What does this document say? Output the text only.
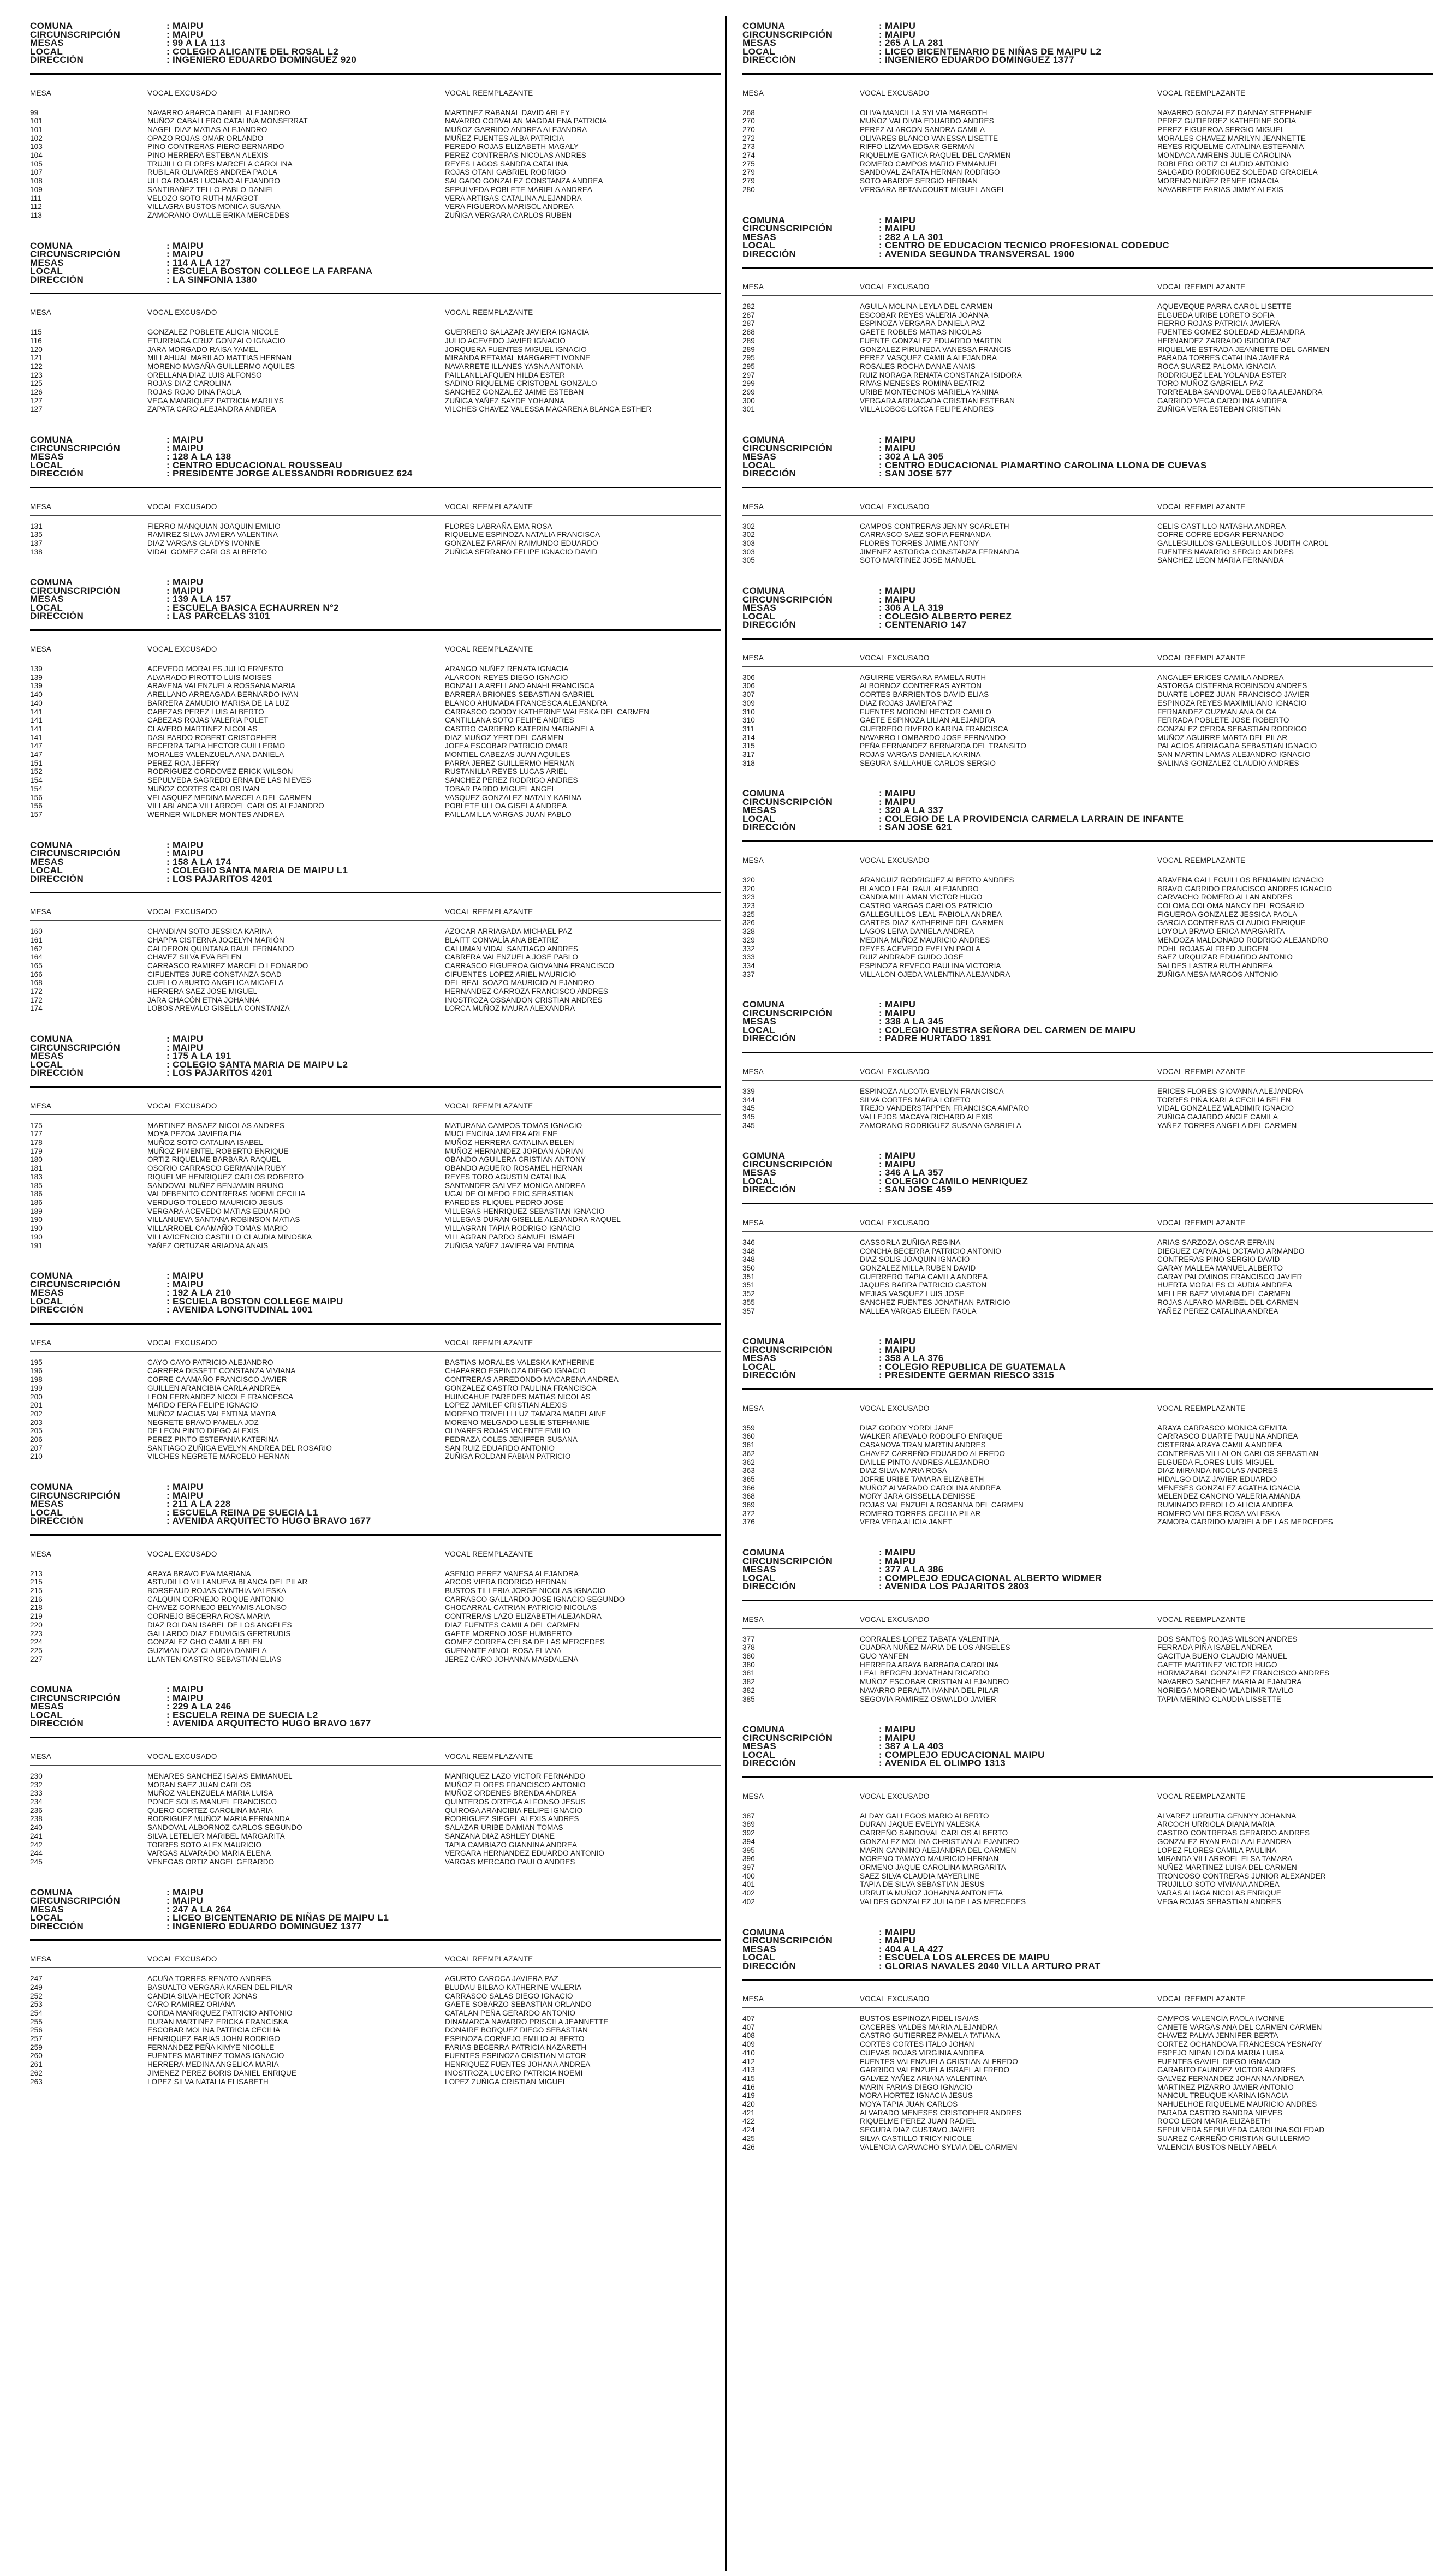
COMUNA	: MAIPU
CIRCUNSCRIPCIÓN	: MAIPU
MESAS	: 99 A LA 113
LOCAL	: COLEGIO ALICANTE DEL ROSAL L2
DIRECCIÓN	: INGENIERO EDUARDO DOMINGUEZ 920
MESA	VOCAL EXCUSADO	VOCAL REEMPLAZANTE
99	NAVARRO ABARCA DANIEL ALEJANDRO	MARTINEZ RABANAL DAVID ARLEY
101	MUÑOZ CABALLERO CATALINA MONSERRAT	NAVARRO CORVALAN MAGDALENA PATRICIA
101	NAGEL DIAZ MATIAS ALEJANDRO	MUÑOZ GARRIDO ANDREA ALEJANDRA
102	OPAZO ROJAS OMAR ORLANDO	MUÑEZ FUENTES ALBA PATRICIA
103	PINO CONTRERAS PIERO BERNARDO	PEREDO ROJAS ELIZABETH MAGALY
104	PINO HERRERA ESTEBAN ALEXIS	PEREZ CONTRERAS NICOLAS ANDRES
105	TRUJILLO FLORES MARCELA CAROLINA	REYES LAGOS SANDRA CATALINA
107	RUBILAR OLIVARES ANDREA PAOLA	ROJAS OTANI GABRIEL RODRIGO
108	ULLOA ROJAS LUCIANO ALEJANDRO	SALGADO GONZALEZ CONSTANZA ANDREA
109	SANTIBAÑEZ TELLO PABLO DANIEL	SEPULVEDA POBLETE MARIELA ANDREA
111	VELOZO SOTO RUTH MARGOT	VERA ARTIGAS CATALINA ALEJANDRA
112	VILLAGRA BUSTOS MONICA SUSANA	VERA FIGUEROA MARISOL ANDREA
113	ZAMORANO OVALLE ERIKA MERCEDES	ZUÑIGA VERGARA CARLOS RUBEN
COMUNA	: MAIPU
CIRCUNSCRIPCIÓN	: MAIPU
MESAS	: 114 A LA 127
LOCAL	: ESCUELA BOSTON COLLEGE LA FARFANA
DIRECCIÓN	: LA SINFONIA 1380
MESA	VOCAL EXCUSADO	VOCAL REEMPLAZANTE
115	GONZALEZ POBLETE ALICIA NICOLE	GUERRERO SALAZAR JAVIERA IGNACIA
116	ETURRIAGA CRUZ GONZALO IGNACIO	JULIO ACEVEDO JAVIER IGNACIO
120	JARA MORGADO RAISA YAMEL	JORQUERA FUENTES MIGUEL IGNACIO
121	MILLAHUAL MARILAO MATTIAS HERNAN	MIRANDA RETAMAL MARGARET IVONNE
122	MORENO MAGAÑA GUILLERMO AQUILES	NAVARRETE ILLANES YASNA ANTONIA
123	ORELLANA DIAZ LUIS ALFONSO	PAILLANLLAFQUEN HILDA ESTER
125	ROJAS DIAZ CAROLINA	SADINO RIQUELME CRISTOBAL GONZALO
126	ROJAS ROJO DINA PAOLA	SANCHEZ GONZALEZ JAIME ESTEBAN
127	VEGA MANRIQUEZ PATRICIA MARILYS	ZUÑIGA YAÑEZ SAYDE YOHANNA
127	ZAPATA CARO ALEJANDRA ANDREA	VILCHES CHAVEZ VALESSA MACARENA BLANCA ESTHER
COMUNA	: MAIPU
CIRCUNSCRIPCIÓN	: MAIPU
MESAS	: 128 A LA 138
LOCAL	: CENTRO EDUCACIONAL ROUSSEAU
DIRECCIÓN	: PRESIDENTE JORGE ALESSANDRI RODRIGUEZ 624
MESA	VOCAL EXCUSADO	VOCAL REEMPLAZANTE
131	FIERRO MANQUIAN JOAQUIN EMILIO	FLORES LABRAÑA EMA ROSA
135	RAMIREZ SILVA JAVIERA VALENTINA	RIQUELME ESPINOZA NATALIA FRANCISCA
137	DIAZ VARGAS GLADYS IVONNE	GONZALEZ FARFAN RAIMUNDO EDUARDO
138	VIDAL GOMEZ CARLOS ALBERTO	ZUÑIGA SERRANO FELIPE IGNACIO DAVID
COMUNA	: MAIPU
CIRCUNSCRIPCIÓN	: MAIPU
MESAS	: 139 A LA 157
LOCAL	: ESCUELA BASICA ECHAURREN N°2
DIRECCIÓN	: LAS PARCELAS 3101
MESA	VOCAL EXCUSADO	VOCAL REEMPLAZANTE
139	ACEVEDO MORALES JULIO ERNESTO	ARANGO NUÑEZ RENATA IGNACIA
139	ALVARADO PIROTTO LUIS MOISES	ALARCON REYES DIEGO IGNACIO
139	ARAVENA VALENZUELA ROSSANA MARIA	BONZALLA ARELLANO ANAHI FRANCISCA
140	ARELLANO ARREAGADA BERNARDO IVAN	BARRERA BRIONES SEBASTIAN GABRIEL
140	BARRERA ZAMUDIO MARISA DE LA LUZ	BLANCO AHUMADA FRANCESCA ALEJANDRA
141	CABEZAS PEREZ LUIS ALBERTO	CARRASCO GODOY KATHERINE WALESKA DEL CARMEN
141	CABEZAS ROJAS VALERIA POLET	CANTILLANA SOTO FELIPE ANDRES
141	CLAVERO MARTINEZ NICOLAS	CASTRO CARREÑO KATERIN MARIANELA
141	DASI PARDO ROBERT CRISTOPHER	DIAZ MUÑOZ YERT DEL CARMEN
147	BECERRA TAPIA HECTOR GUILLERMO	JOFEA ESCOBAR PATRICIO OMAR
147	MORALES VALENZUELA ANA DANIELA	MONTIEL CABEZAS JUAN AQUILES
151	PEREZ ROA JEFFRY	PARRA JEREZ GUILLERMO HERNAN
152	RODRIGUEZ CORDOVEZ ERICK WILSON	RUSTANILLA REYES LUCAS ARIEL
154	SEPULVEDA SAGREDO ERNA DE LAS NIEVES	SANCHEZ PEREZ RODRIGO ANDRES
154	MUÑOZ CORTES CARLOS IVAN	TOBAR PARDO MIGUEL ANGEL
156	VELASQUEZ MEDINA MARCELA DEL CARMEN	VASQUEZ GONZALEZ NATALY KARINA
156	VILLABLANCA VILLARROEL CARLOS ALEJANDRO	POBLETE ULLOA GISELA ANDREA
157	WERNER-WILDNER MONTES ANDREA	PAILLAMILLA VARGAS JUAN PABLO
COMUNA	: MAIPU
CIRCUNSCRIPCIÓN	: MAIPU
MESAS	: 158 A LA 174
LOCAL	: COLEGIO SANTA MARIA DE MAIPU L1
DIRECCIÓN	: LOS PAJARITOS 4201
MESA	VOCAL EXCUSADO	VOCAL REEMPLAZANTE
160	CHANDIAN SOTO JESSICA KARINA	AZOCAR ARRIAGADA MICHAEL PAZ
161	CHAPPA CISTERNA JOCELYN MARIÓN	BLAITT CONVALÍA ANA BEATRIZ
162	CALDERON QUINTANA RAUL FERNANDO	CALUMAN VIDAL SANTIAGO ANDRES
164	CHAVEZ SILVA EVA BELEN	CABRERA VALENZUELA JOSE PABLO
165	CARRASCO RAMIREZ MARCELO LEONARDO	CARRASCO FIGUEROA GIOVANNA FRANCISCO
166	CIFUENTES JURE CONSTANZA SOAD	CIFUENTES LOPEZ ARIEL MAURICIO
168	CUELLO ABURTO ANGELICA MICAELA	DEL REAL SOAZO MAURICIO ALEJANDRO
172	HERRERA SAEZ JOSE MIGUEL	HERNANDEZ CARROZA FRANCISCO ANDRES
172	JARA CHACÓN ETNA JOHANNA	INOSTROZA OSSANDON CRISTIAN ANDRES
174	LOBOS AREVALO GISELLA CONSTANZA	LORCA MUÑOZ MAURA ALEXANDRA
COMUNA	: MAIPU
CIRCUNSCRIPCIÓN	: MAIPU
MESAS	: 175 A LA 191
LOCAL	: COLEGIO SANTA MARIA DE MAIPU L2
DIRECCIÓN	: LOS PAJARITOS 4201
MESA	VOCAL EXCUSADO	VOCAL REEMPLAZANTE
175	MARTINEZ BASAEZ NICOLAS ANDRES	MATURANA CAMPOS TOMAS IGNACIO
177	MOYA PEZOA JAVIERA PIA	MUCI ENCINA JAVIERA ARLENE
178	MUÑOZ SOTO CATALINA ISABEL	MUÑOZ HERRERA CATALINA BELEN
179	MUÑOZ PIMENTEL ROBERTO ENRIQUE	MUÑOZ HERNANDEZ JORDAN ADRIAN
180	ORTIZ RIQUELME BARBARA RAQUEL	OBANDO AGUILERA CRISTIAN ANTONY
181	OSORIO CARRASCO GERMANIA RUBY	OBANDO AGUERO ROSAMEL HERNAN
183	RIQUELME HENRIQUEZ CARLOS ROBERTO	REYES TORO AGUSTIN CATALINA
185	SANDOVAL NUÑEZ BENJAMIN BRUNO	SANTANDER GALVEZ MONICA ANDREA
186	VALDEBENITO CONTRERAS NOEMI CECILIA	UGALDE OLMEDO ERIC SEBASTIAN
186	VERDUGO TOLEDO MAURICIO JESUS	PAREDES PLIQUEL PEDRO JOSE
189	VERGARA ACEVEDO MATIAS EDUARDO	VILLEGAS HENRIQUEZ SEBASTIAN IGNACIO
190	VILLANUEVA SANTANA ROBINSON MATIAS	VILLEGAS DURAN GISELLE ALEJANDRA RAQUEL
190	VILLARROEL CAAMAÑO TOMAS MARIO	VILLAGRAN TAPIA RODRIGO IGNACIO
190	VILLAVICENCIO CASTILLO CLAUDIA MINOSKA	VILLAGRAN PARDO SAMUEL ISMAEL
191	YAÑEZ ORTUZAR ARIADNA ANAIS	ZUÑIGA YAÑEZ JAVIERA VALENTINA
COMUNA	: MAIPU
CIRCUNSCRIPCIÓN	: MAIPU
MESAS	: 192 A LA 210
LOCAL	: ESCUELA BOSTON COLLEGE MAIPU
DIRECCIÓN	: AVENIDA LONGITUDINAL 1001
MESA	VOCAL EXCUSADO	VOCAL REEMPLAZANTE
195	CAYO CAYO PATRICIO ALEJANDRO	BASTIAS MORALES VALESKA KATHERINE
196	CARRERA DISSETT CONSTANZA VIVIANA	CHAPARRO ESPINOZA DIEGO IGNACIO
198	COFRE CAAMAÑO FRANCISCO JAVIER	CONTRERAS ARREDONDO MACARENA ANDREA
199	GUILLEN ARANCIBIA CARLA ANDREA	GONZALEZ CASTRO PAULINA FRANCISCA
200	LEON FERNANDEZ NICOLE FRANCESCA	HUINCAHUE PAREDES MATIAS NICOLAS
201	MARDO FERA FELIPE IGNACIO	LOPEZ JAMILEF CRISTIAN ALEXIS
202	MUÑOZ MACIAS VALENTINA MAYRA	MORENO TRIVELLI LUZ TAMARA MADELAINE
203	NEGRETE BRAVO PAMELA JOZ	MORENO MELGADO LESLIE STEPHANIE
205	DE LEON PINTO DIEGO ALEXIS	OLIVARES ROJAS VICENTE EMILIO
206	PEREZ PINTO ESTEFANIA KATERINA	PEDRAZA COLES JENIFFER SUSANA
207	SANTIAGO ZUÑIGA EVELYN ANDREA DEL ROSARIO	SAN RUIZ EDUARDO ANTONIO
210	VILCHES NEGRETE MARCELO HERNAN	ZUÑIGA ROLDAN FABIAN PATRICIO
COMUNA	: MAIPU
CIRCUNSCRIPCIÓN	: MAIPU
MESAS	: 211 A LA 228
LOCAL	: ESCUELA REINA DE SUECIA L1
DIRECCIÓN	: AVENIDA ARQUITECTO HUGO BRAVO 1677
MESA	VOCAL EXCUSADO	VOCAL REEMPLAZANTE
213	ARAYA BRAVO EVA MARIANA	ASENJO PEREZ VANESA ALEJANDRA
215	ASTUDILLO VILLANUEVA BLANCA DEL PILAR	ARCOS VIERA RODRIGO HERNAN
215	BORSEAUD ROJAS CYNTHIA VALESKA	BUSTOS TILLERIA JORGE NICOLAS IGNACIO
216	CALQUIN CORNEJO ROQUE ANTONIO	CARRASCO GALLARDO JOSE IGNACIO SEGUNDO
218	CHAVEZ CORNEJO BELYAMIS ALONSO	CHOCARRAL CATRIAN PATRICIO NICOLAS
219	CORNEJO BECERRA ROSA MARIA	CONTRERAS LAZO ELIZABETH ALEJANDRA
220	DIAZ ROLDAN ISABEL DE LOS ANGELES	DIAZ FUENTES CAMILA DEL CARMEN
223	GALLARDO DIAZ EDUVIGIS GERTRUDIS	GAETE MORENO JOSE HUMBERTO
224	GONZALEZ GHO CAMILA BELEN	GOMEZ CORREA CELSA DE LAS MERCEDES
225	GUZMAN DIAZ CLAUDIA DANIELA	GUENANTE AINOL ROSA ELIANA
227	LLANTEN CASTRO SEBASTIAN ELIAS	JEREZ CARO JOHANNA MAGDALENA
COMUNA	: MAIPU
CIRCUNSCRIPCIÓN	: MAIPU
MESAS	: 229 A LA 246
LOCAL	: ESCUELA REINA DE SUECIA L2
DIRECCIÓN	: AVENIDA ARQUITECTO HUGO BRAVO 1677
MESA	VOCAL EXCUSADO	VOCAL REEMPLAZANTE
230	MENARES SANCHEZ ISAIAS EMMANUEL	MANRIQUEZ LAZO VICTOR FERNANDO
232	MORAN SAEZ JUAN CARLOS	MUÑOZ FLORES FRANCISCO ANTONIO
233	MUÑOZ VALENZUELA MARIA LUISA	MUÑOZ ORDENES BRENDA ANDREA
234	PONCE SOLIS MANUEL FRANCISCO	QUINTEROS ORTEGA ALFONSO JESUS
236	QUERO CORTEZ CAROLINA MARIA	QUIROGA ARANCIBIA FELIPE IGNACIO
238	RODRIGUEZ MUÑOZ MARIA FERNANDA	RODRIGUEZ SIEGEL ALEXIS ANDRES
240	SANDOVAL ALBORNOZ CARLOS SEGUNDO	SALAZAR URIBE DAMIAN TOMAS
241	SILVA LETELIER MARIBEL MARGARITA	SANZANA DIAZ ASHLEY DIANE
242	TORRES SOTO ALEX MAURICIO	TAPIA CAMBIAZO GIANNINA ANDREA
244	VARGAS ALVARADO MARIA ELENA	VERGARA HERNANDEZ EDUARDO ANTONIO
245	VENEGAS ORTIZ ANGEL GERARDO	VARGAS MERCADO PAULO ANDRES
COMUNA	: MAIPU
CIRCUNSCRIPCIÓN	: MAIPU
MESAS	: 247 A LA 264
LOCAL	: LICEO BICENTENARIO DE NIÑAS DE MAIPU L1
DIRECCIÓN	: INGENIERO EDUARDO DOMINGUEZ 1377
MESA	VOCAL EXCUSADO	VOCAL REEMPLAZANTE
247	ACUÑA TORRES RENATO ANDRES	AGURTO CAROCA JAVIERA PAZ
249	BASUALTO VERGARA KAREN DEL PILAR	BLUDAU BILBAO KATHERINE VALERIA
252	CANDIA SILVA HECTOR JONAS	CARRASCO SALAS DIEGO IGNACIO
253	CARO RAMIREZ ORIANA	GAETE SOBARZO SEBASTIAN ORLANDO
254	CORDA MANRIQUEZ PATRICIO ANTONIO	CATALAN PEÑA GERARDO ANTONIO
255	DURAN MARTINEZ ERICKA FRANCISKA	DINAMARCA NAVARRO PRISCILA JEANNETTE
256	ESCOBAR MOLINA PATRICIA CECILIA	DONAIRE BORQUEZ DIEGO SEBASTIAN
257	HENRIQUEZ FARIAS JOHN RODRIGO	ESPINOZA CORNEJO EMILIO ALBERTO
259	FERNANDEZ PEÑA KIMYE NICOLLE	FARIAS BECERRA PATRICIA NAZARETH
260	FUENTES MARTINEZ TOMAS IGNACIO	FUENTES ESPINOZA CRISTIAN VICTOR
261	HERRERA MEDINA ANGELICA MARIA	HENRIQUEZ FUENTES JOHANA ANDREA
262	JIMENEZ PEREZ BORIS DANIEL ENRIQUE	INOSTROZA LUCERO PATRICIA NOEMI
263	LOPEZ SILVA NATALIA ELISABETH	LOPEZ ZUÑIGA CRISTIAN MIGUEL
COMUNA	: MAIPU
CIRCUNSCRIPCIÓN	: MAIPU
MESAS	: 265 A LA 281
LOCAL	: LICEO BICENTENARIO DE NIÑAS DE MAIPU L2
DIRECCIÓN	: INGENIERO EDUARDO DOMINGUEZ 1377
MESA	VOCAL EXCUSADO	VOCAL REEMPLAZANTE
268	OLIVA MANCILLA SYLVIA MARGOTH	NAVARRO GONZALEZ DANNAY STEPHANIE
270	MUÑOZ VALDIVIA EDUARDO ANDRES	PEREZ GUTIERREZ KATHERINE SOFIA
270	PEREZ ALARCON SANDRA CAMILA	PEREZ FIGUEROA SERGIO MIGUEL
272	OLIVARES BLANCO VANESSA LISETTE	MORALES CHAVEZ MARILYN JEANNETTE
273	RIFFO LIZAMA EDGAR GERMAN	REYES RIQUELME CATALINA ESTEFANIA
274	RIQUELME GATICA RAQUEL DEL CARMEN	MONDACA AMRENS JULIE CAROLINA
275	ROMERO CAMPOS MARIO EMMANUEL	ROBLERO ORTIZ CLAUDIO ANTONIO
279	SANDOVAL ZAPATA HERNAN RODRIGO	SALGADO RODRIGUEZ SOLEDAD GRACIELA
279	SOTO ABARDE SERGIO HERNAN	MORENO NUÑEZ RENEE IGNACIA
280	VERGARA BETANCOURT MIGUEL ANGEL	NAVARRETE FARIAS JIMMY ALEXIS
COMUNA	: MAIPU
CIRCUNSCRIPCIÓN	: MAIPU
MESAS	: 282 A LA 301
LOCAL	: CENTRO DE EDUCACION TECNICO PROFESIONAL CODEDUC
DIRECCIÓN	: AVENIDA SEGUNDA TRANSVERSAL 1900
MESA	VOCAL EXCUSADO	VOCAL REEMPLAZANTE
282	AGUILA MOLINA LEYLA DEL CARMEN	AQUEVEQUE PARRA CAROL LISETTE
287	ESCOBAR REYES VALERIA JOANNA	ELGUEDA URIBE LORETO SOFIA
287	ESPINOZA VERGARA DANIELA PAZ	FIERRO ROJAS PATRICIA JAVIERA
288	GAETE ROBLES MATIAS NICOLAS	FUENTES GOMEZ SOLEDAD ALEJANDRA
289	FUENTE GONZALEZ EDUARDO MARTIN	HERNANDEZ ZARRADO ISIDORA PAZ
289	GONZALEZ PIRUNEDA VANESSA FRANCIS	RIQUELME ESTRADA JEANNETTE DEL CARMEN
295	PEREZ VASQUEZ CAMILA ALEJANDRA	PARADA TORRES CATALINA JAVIERA
295	ROSALES ROCHA DANAE ANAIS	ROCA SUAREZ PALOMA IGNACIA
297	RUIZ NORAGA RENATA CONSTANZA ISIDORA	RODRIGUEZ LEAL YOLANDA ESTER
299	RIVAS MENESES ROMINA BEATRIZ	TORO MUÑOZ GABRIELA PAZ
299	URIBE MONTECINOS MARIELA YANINA	TORREALBA SANDOVAL DEBORA ALEJANDRA
300	VERGARA ARRIAGADA CRISTIAN ESTEBAN	GARRIDO VEGA CAROLINA ANDREA
301	VILLALOBOS LORCA FELIPE ANDRES	ZUÑIGA VERA ESTEBAN CRISTIAN
COMUNA	: MAIPU
CIRCUNSCRIPCIÓN	: MAIPU
MESAS	: 302 A LA 305
LOCAL	: CENTRO EDUCACIONAL PIAMARTINO CAROLINA LLONA DE CUEVAS
DIRECCIÓN	: SAN JOSE 577
MESA	VOCAL EXCUSADO	VOCAL REEMPLAZANTE
302	CAMPOS CONTRERAS JENNY SCARLETH	CELIS CASTILLO NATASHA ANDREA
302	CARRASCO SAEZ SOFIA FERNANDA	COFRE COFRE EDGAR FERNANDO
303	FLORES TORRES JAIME ANTONY	GALLEGUILLOS GALLEGUILLOS JUDITH CAROL
303	JIMENEZ ASTORGA CONSTANZA FERNANDA	FUENTES NAVARRO SERGIO ANDRES
305	SOTO MARTINEZ JOSE MANUEL	SANCHEZ LEON MARIA FERNANDA
COMUNA	: MAIPU
CIRCUNSCRIPCIÓN	: MAIPU
MESAS	: 306 A LA 319
LOCAL	: COLEGIO ALBERTO PEREZ
DIRECCIÓN	: CENTENARIO 147
MESA	VOCAL EXCUSADO	VOCAL REEMPLAZANTE
306	AGUIRRE VERGARA PAMELA RUTH	ANCALEF ERICES CAMILA ANDREA
306	ALBORNOZ CONTRERAS AYRTON	ASTORGA CISTERNA ROBINSON ANDRES
307	CORTES BARRIENTOS DAVID ELIAS	DUARTE LOPEZ JUAN FRANCISCO JAVIER
309	DIAZ ROJAS JAVIERA PAZ	ESPINOZA REYES MAXIMILIANO IGNACIO
310	FUENTES MORONI HECTOR CAMILO	FERNANDEZ GUZMAN ANA OLGA
310	GAETE ESPINOZA LILIAN ALEJANDRA	FERRADA POBLETE JOSE ROBERTO
311	GUERRERO RIVERO KARINA FRANCISCA	GONZALEZ CERDA SEBASTIAN RODRIGO
314	NAVARRO LOMBARDO JOSE FERNANDO	MUÑOZ AGUIRRE MARTA DEL PILAR
315	PEÑA FERNANDEZ BERNARDA DEL TRANSITO	PALACIOS ARRIAGADA SEBASTIAN IGNACIO
317	ROJAS VARGAS DANIELA KARINA	SAN MARTIN LAMAS ALEJANDRO IGNACIO
318	SEGURA SALLAHUE CARLOS SERGIO	SALINAS GONZALEZ CLAUDIO ANDRES
COMUNA	: MAIPU
CIRCUNSCRIPCIÓN	: MAIPU
MESAS	: 320 A LA 337
LOCAL	: COLEGIO DE LA PROVIDENCIA CARMELA LARRAIN DE INFANTE
DIRECCIÓN	: SAN JOSE 621
MESA	VOCAL EXCUSADO	VOCAL REEMPLAZANTE
320	ARANGUIZ RODRIGUEZ ALBERTO ANDRES	ARAVENA GALLEGUILLOS BENJAMIN IGNACIO
320	BLANCO LEAL RAUL ALEJANDRO	BRAVO GARRIDO FRANCISCO ANDRES IGNACIO
323	CANDIA MILLAMAN VICTOR HUGO	CARVACHO ROMERO ALLAN ANDRES
323	CASTRO VARGAS CARLOS PATRICIO	COLOMA COLOMA NANCY DEL ROSARIO
325	GALLEGUILLOS LEAL FABIOLA ANDREA	FIGUEROA GONZALEZ JESSICA PAOLA
326	CARTES DIAZ KATHERINE DEL CARMEN	GARCIA CONTRERAS CLAUDIO ENRIQUE
328	LAGOS LEIVA DANIELA ANDREA	LOYOLA BRAVO ERICA MARGARITA
329	MEDINA MUÑOZ MAURICIO ANDRES	MENDOZA MALDONADO RODRIGO ALEJANDRO
332	REYES ACEVEDO EVELYN PAOLA	POHL ROJAS ALFRED JURGEN
333	RUIZ ANDRADE GUIDO JOSE	SAEZ URQUIZAR EDUARDO ANTONIO
334	ESPINOZA REVECO PAULINA VICTORIA	SALDES LASTRA RUTH ANDREA
337	VILLALON OJEDA VALENTINA ALEJANDRA	ZUÑIGA MESA MARCOS ANTONIO
COMUNA	: MAIPU
CIRCUNSCRIPCIÓN	: MAIPU
MESAS	: 338 A LA 345
LOCAL	: COLEGIO NUESTRA SEÑORA DEL CARMEN DE MAIPU
DIRECCIÓN	: PADRE HURTADO 1891
MESA	VOCAL EXCUSADO	VOCAL REEMPLAZANTE
339	ESPINOZA ALCOTA EVELYN FRANCISCA	ERICES FLORES GIOVANNA ALEJANDRA
344	SILVA CORTES MARIA LORETO	TORRES PIÑA KARLA CECILIA BELEN
345	TREJO VANDERSTAPPEN FRANCISCA AMPARO	VIDAL GONZALEZ WLADIMIR IGNACIO
345	VALLEJOS MACAYA RICHARD ALEXIS	ZUÑIGA GAJARDO ANGIE CAMILA
345	ZAMORANO RODRIGUEZ SUSANA GABRIELA	YAÑEZ TORRES ANGELA DEL CARMEN
COMUNA	: MAIPU
CIRCUNSCRIPCIÓN	: MAIPU
MESAS	: 346 A LA 357
LOCAL	: COLEGIO CAMILO HENRIQUEZ
DIRECCIÓN	: SAN JOSE 459
MESA	VOCAL EXCUSADO	VOCAL REEMPLAZANTE
346	CASSORLA ZUÑIGA REGINA	ARIAS SARZOZA OSCAR EFRAIN
348	CONCHA BECERRA PATRICIO ANTONIO	DIEGUEZ CARVAJAL OCTAVIO ARMANDO
348	DIAZ SOLIS JOAQUIN IGNACIO	CONTRERAS PINO SERGIO DAVID
350	GONZALEZ MILLA RUBEN DAVID	GARAY MALLEA MANUEL ALBERTO
351	GUERRERO TAPIA CAMILA ANDREA	GARAY PALOMINOS FRANCISCO JAVIER
351	JAQUES BARRA PATRICIO GASTON	HUERTA MORALES CLAUDIA ANDREA
352	MEJIAS VASQUEZ LUIS JOSE	MELLER BAEZ VIVIANA DEL CARMEN
355	SANCHEZ FUENTES JONATHAN PATRICIO	ROJAS ALFARO MARIBEL DEL CARMEN
357	MALLEA VARGAS EILEEN PAOLA	YAÑEZ PEREZ CATALINA ANDREA
COMUNA	: MAIPU
CIRCUNSCRIPCIÓN	: MAIPU
MESAS	: 358 A LA 376
LOCAL	: COLEGIO REPUBLICA DE GUATEMALA
DIRECCIÓN	: PRESIDENTE GERMAN RIESCO 3315
MESA	VOCAL EXCUSADO	VOCAL REEMPLAZANTE
359	DIAZ GODOY YORDI JANE	ARAYA CARRASCO MONICA GEMITA
360	WALKER AREVALO RODOLFO ENRIQUE	CARRASCO DUARTE PAULINA ANDREA
361	CASANOVA TRAN MARTIN ANDRES	CISTERNA ARAYA CAMILA ANDREA
362	CHAVEZ CARREÑO EDUARDO ALFREDO	CONTRERAS VILLALON CARLOS SEBASTIAN
362	DAILLE PINTO ANDRES ALEJANDRO	ELGUEDA FLORES LUIS MIGUEL
363	DIAZ SILVA MARIA ROSA	DIAZ MIRANDA NICOLAS ANDRES
365	JOFRE URIBE TAMARA ELIZABETH	HIDALGO DIAZ JAVIER EDUARDO
366	MUÑOZ ALVARADO CAROLINA ANDREA	MENESES GONZALEZ AGATHA IGNACIA
368	MORY JARA GISSELLA DENISSE	MELENDEZ CANCINO VALERIA AMANDA
369	ROJAS VALENZUELA ROSANNA DEL CARMEN	RUMINADO REBOLLO ALICIA ANDREA
372	ROMERO TORRES CECILIA PILAR	ROMERO VALDES ROSA VALESKA
376	VERA VERA ALICIA JANET	ZAMORA GARRIDO MARIELA DE LAS MERCEDES
COMUNA	: MAIPU
CIRCUNSCRIPCIÓN	: MAIPU
MESAS	: 377 A LA 386
LOCAL	: COMPLEJO EDUCACIONAL ALBERTO WIDMER
DIRECCIÓN	: AVENIDA LOS PAJARITOS 2803
MESA	VOCAL EXCUSADO	VOCAL REEMPLAZANTE
377	CORRALES LOPEZ TABATA VALENTINA	DOS SANTOS ROJAS WILSON ANDRES
378	CUADRA NUÑEZ MARIA DE LOS ANGELES	FERRADA PIÑA ISABEL ANDREA
380	GUO YANFEN	GACITUA BUENO CLAUDIO MANUEL
380	HERRERA ARAYA BARBARA CAROLINA	GAETE MARTINEZ VICTOR HUGO
381	LEAL BERGEN JONATHAN RICARDO	HORMAZABAL GONZALEZ FRANCISCO ANDRES
382	MUÑOZ ESCOBAR CRISTIAN ALEJANDRO	NAVARRO SANCHEZ MARIA ALEJANDRA
382	NAVARRO PERALTA IVANNA DEL PILAR	NORIEGA MORENO WLADIMIR TAVILO
385	SEGOVIA RAMIREZ OSWALDO JAVIER	TAPIA MERINO CLAUDIA LISSETTE
COMUNA	: MAIPU
CIRCUNSCRIPCIÓN	: MAIPU
MESAS	: 387 A LA 403
LOCAL	: COMPLEJO EDUCACIONAL MAIPU
DIRECCIÓN	: AVENIDA EL OLIMPO 1313
MESA	VOCAL EXCUSADO	VOCAL REEMPLAZANTE
387	ALDAY GALLEGOS MARIO ALBERTO	ALVAREZ URRUTIA GENNYY JOHANNA
389	DURAN JAQUE EVELYN VALESKA	ARCOCH URRIOLA DIANA MARIA
392	CARREÑO SANDOVAL CARLOS ALBERTO	CASTRO CONTRERAS GERARDO ANDRES
394	GONZALEZ MOLINA CHRISTIAN ALEJANDRO	GONZALEZ RYAN PAOLA ALEJANDRA
395	MARIN CANNINO ALEJANDRA DEL CARMEN	LOPEZ FLORES CAMILA PAULINA
396	MORENO TAMAYO MAURICIO HERNAN	MIRANDA VILLARROEL ELSA TAMARA
397	ORMENO JAQUE CAROLINA MARGARITA	NUÑEZ MARTINEZ LUISA DEL CARMEN
400	SAEZ SILVA CLAUDIA MAYERLINE	TRONCOSO CONTRERAS JUNIOR ALEXANDER
401	TAPIA DE SILVA SEBASTIAN JESUS	TRUJILLO SOTO VIVIANA ANDREA
402	URRUTIA MUÑOZ JOHANNA ANTONIETA	VARAS ALIAGA NICOLAS ENRIQUE
402	VALDES GONZALEZ JULIA DE LAS MERCEDES	VEGA ROJAS SEBASTIAN ANDRES
COMUNA	: MAIPU
CIRCUNSCRIPCIÓN	: MAIPU
MESAS	: 404 A LA 427
LOCAL	: ESCUELA LOS ALERCES DE MAIPU
DIRECCIÓN	: GLORIAS NAVALES 2040 VILLA ARTURO PRAT
MESA	VOCAL EXCUSADO	VOCAL REEMPLAZANTE
407	BUSTOS ESPINOZA FIDEL ISAIAS	CAMPOS VALENCIA PAOLA IVONNE
407	CACERES VALDES MARIA ALEJANDRA	CANETE VARGAS ANA DEL CARMEN CARMEN
408	CASTRO GUTIERREZ PAMELA TATIANA	CHAVEZ PALMA JENNIFER BERTA
409	CORTES CORTES ITALO JOHAN	CORTEZ OCHANDOVA FRANCESCA YESNARY
410	CUEVAS ROJAS VIRGINIA ANDREA	ESPEJO NIPAN LOIDA MARIA LUISA
412	FUENTES VALENZUELA CRISTIAN ALFREDO	FUENTES GAVIEL DIEGO IGNACIO
413	GARRIDO VALENZUELA ISRAEL ALFREDO	GARABITO FAUNDEZ VICTOR ANDRES
415	GALVEZ YAÑEZ ARIANA VALENTINA	GALVEZ FERNANDEZ JOHANNA ANDREA
416	MARIN FARIAS DIEGO IGNACIO	MARTINEZ PIZARRO JAVIER ANTONIO
419	MORA HORTEZ IGNACIA JESUS	NANCUL TREUQUE KARINA IGNACIA
420	MOYA TAPIA JUAN CARLOS	NAHUELHOE RIQUELME MAURICIO ANDRES
421	ALVARADO MENESES CRISTOPHER ANDRES	PARADA CASTRO SANDRA NIEVES
422	RIQUELME PEREZ JUAN RADIEL	ROCO LEON MARIA ELIZABETH
424	SEGURA DIAZ GUSTAVO JAVIER	SEPULVEDA SEPULVEDA CAROLINA SOLEDAD
425	SILVA CASTILLO TRICY NICOLE	SUAREZ CARREÑO CRISTIAN GUILLERMO
426	VALENCIA CARVACHO SYLVIA DEL CARMEN	VALENCIA BUSTOS NELLY ABELA
